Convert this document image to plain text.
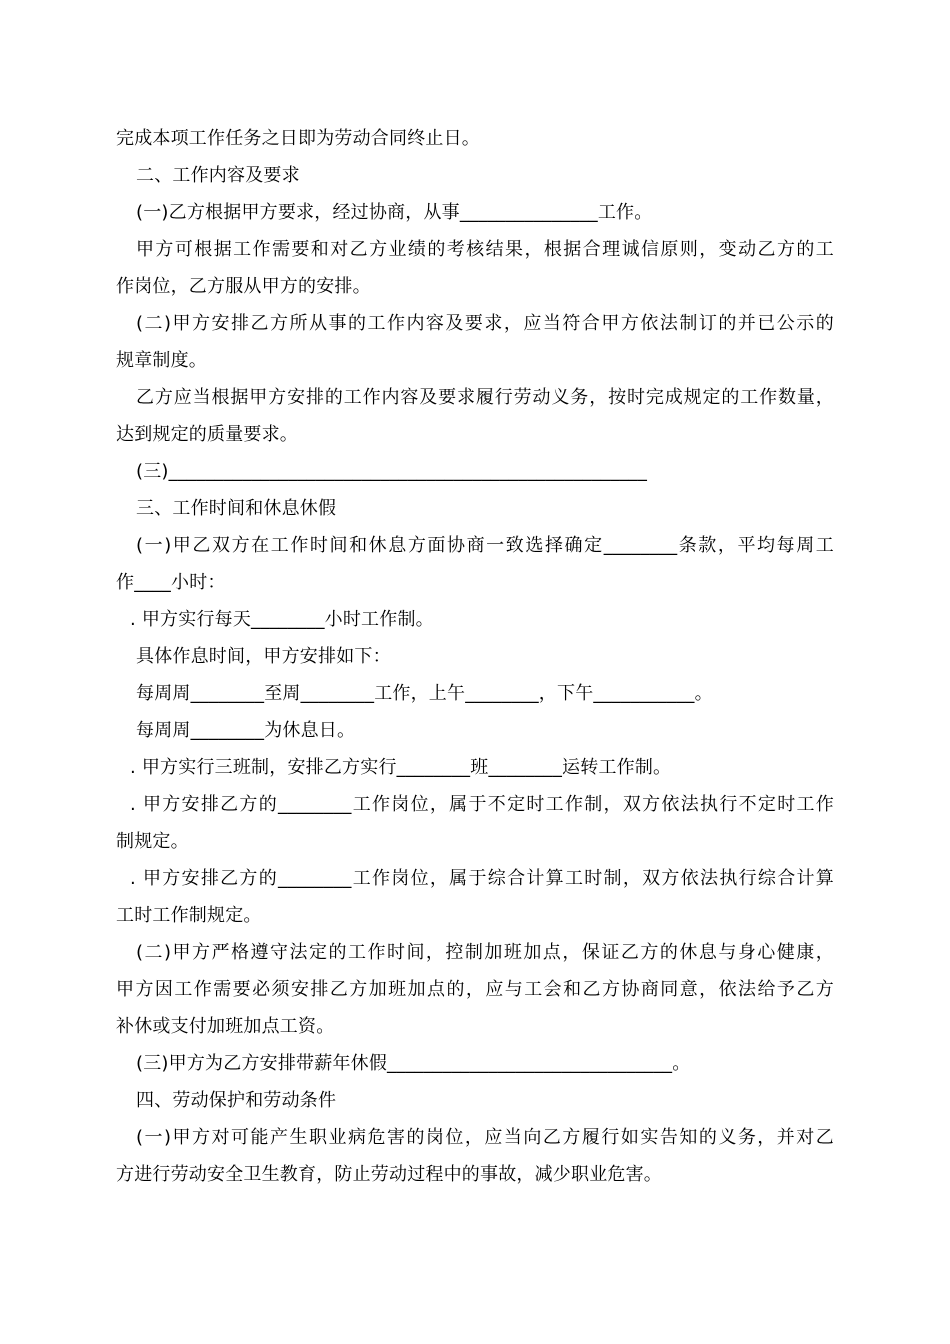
完成本项工作任务之日即为劳动合同终止日。
二、工作内容及要求
(一)乙方根据甲方要求，经过协商，从事_______________工作。
甲方可根据工作需要和对乙方业绩的考核结果，根据合理诚信原则，变动乙方的工
作岗位，乙方服从甲方的安排。
(二)甲方安排乙方所从事的工作内容及要求，应当符合甲方依法制订的并已公示的
规章制度。
乙方应当根据甲方安排的工作内容及要求履行劳动义务，按时完成规定的工作数量，
达到规定的质量要求。
(三)____________________________________________________
三、工作时间和休息休假
(一)甲乙双方在工作时间和休息方面协商一致选择确定________条款，平均每周工
作____小时：
. 甲方实行每天________小时工作制。
具体作息时间，甲方安排如下：
每周周________至周________工作，上午________，下午___________。
每周周________为休息日。
. 甲方实行三班制，安排乙方实行________班________运转工作制。
. 甲方安排乙方的________工作岗位，属于不定时工作制，双方依法执行不定时工作
制规定。
. 甲方安排乙方的________工作岗位，属于综合计算工时制，双方依法执行综合计算
工时工作制规定。
(二)甲方严格遵守法定的工作时间，控制加班加点，保证乙方的休息与身心健康，
甲方因工作需要必须安排乙方加班加点的，应与工会和乙方协商同意，依法给予乙方
补休或支付加班加点工资。
(三)甲方为乙方安排带薪年休假_______________________________。
四、劳动保护和劳动条件
(一)甲方对可能产生职业病危害的岗位，应当向乙方履行如实告知的义务，并对乙
方进行劳动安全卫生教育，防止劳动过程中的事故，减少职业危害。
